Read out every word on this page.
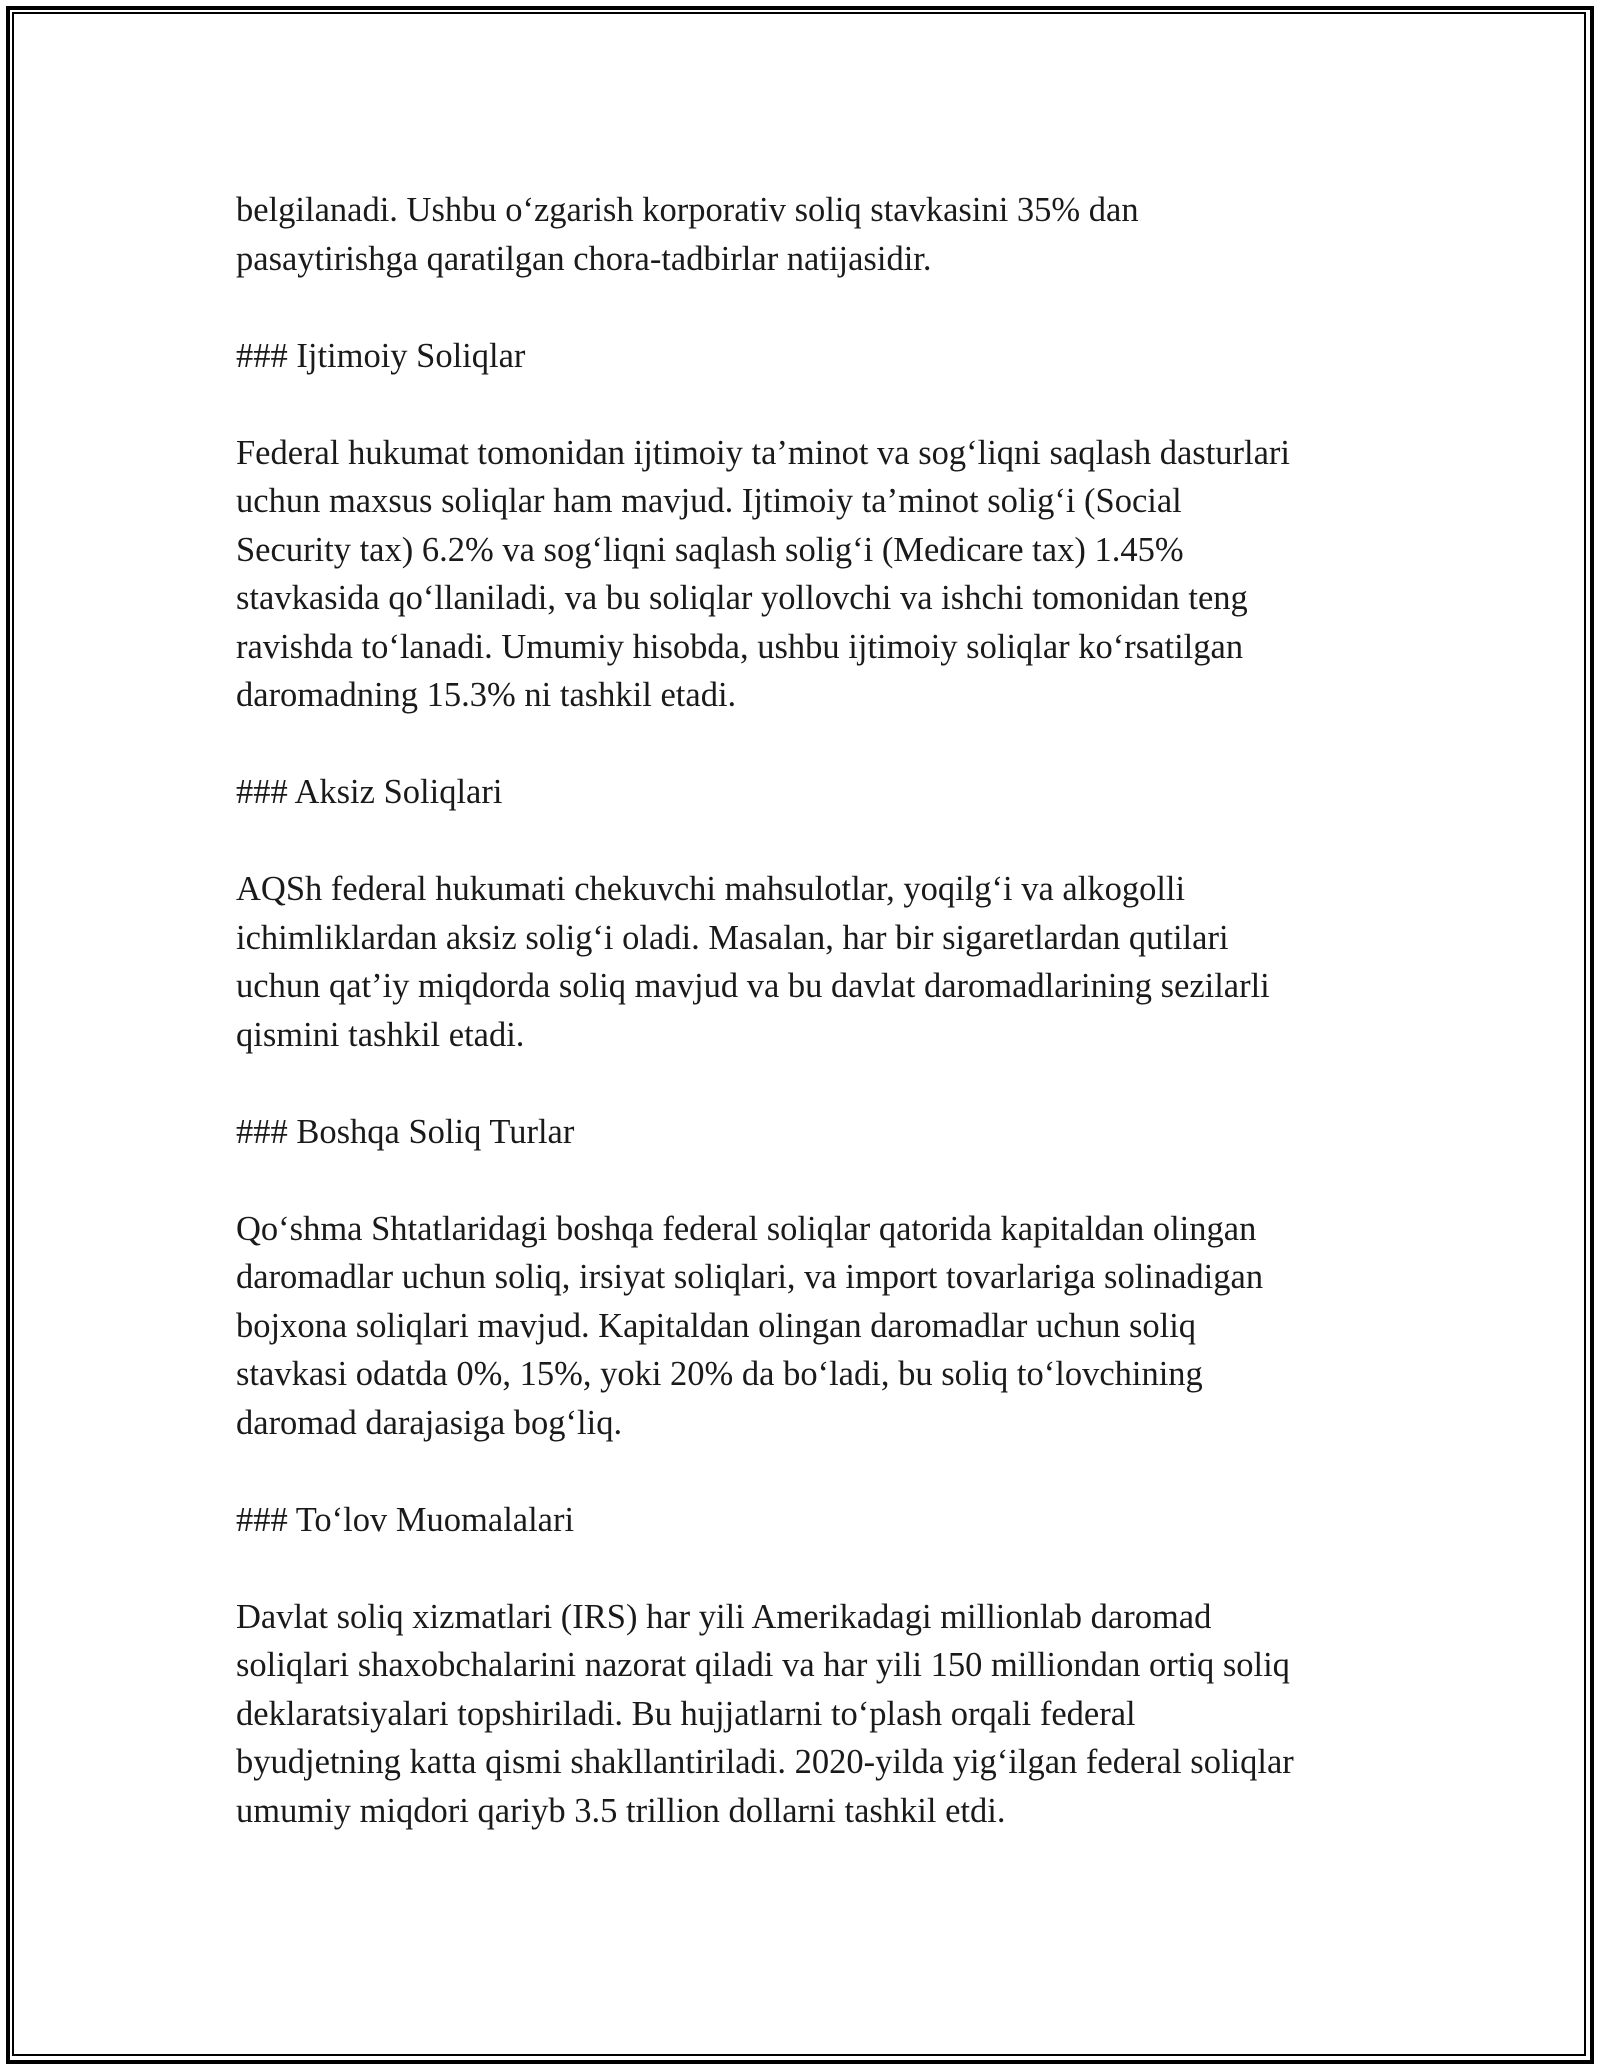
belgilanadi. Ushbu o‘zgarish korporativ soliq stavkasini 35% dan
pasaytirishga qaratilgan chora-tadbirlar natijasidir.

### Ijtimoiy Soliqlar

Federal hukumat tomonidan ijtimoiy ta’minot va sog‘liqni saqlash dasturlari
uchun maxsus soliqlar ham mavjud. Ijtimoiy ta’minot solig‘i (Social
Security tax) 6.2% va sog‘liqni saqlash solig‘i (Medicare tax) 1.45%
stavkasida qo‘llaniladi, va bu soliqlar yollovchi va ishchi tomonidan teng
ravishda to‘lanadi. Umumiy hisobda, ushbu ijtimoiy soliqlar ko‘rsatilgan
daromadning 15.3% ni tashkil etadi.

### Aksiz Soliqlari

AQSh federal hukumati chekuvchi mahsulotlar, yoqilg‘i va alkogolli
ichimliklardan aksiz solig‘i oladi. Masalan, har bir sigaretlardan qutilari
uchun qat’iy miqdorda soliq mavjud va bu davlat daromadlarining sezilarli
qismini tashkil etadi.

### Boshqa Soliq Turlar

Qo‘shma Shtatlaridagi boshqa federal soliqlar qatorida kapitaldan olingan
daromadlar uchun soliq, irsiyat soliqlari, va import tovarlariga solinadigan
bojxona soliqlari mavjud. Kapitaldan olingan daromadlar uchun soliq
stavkasi odatda 0%, 15%, yoki 20% da bo‘ladi, bu soliq to‘lovchining
daromad darajasiga bog‘liq.

### To‘lov Muomalalari

Davlat soliq xizmatlari (IRS) har yili Amerikadagi millionlab daromad
soliqlari shaxobchalarini nazorat qiladi va har yili 150 milliondan ortiq soliq
deklaratsiyalari topshiriladi. Bu hujjatlarni to‘plash orqali federal
byudjetning katta qismi shakllantiriladi. 2020-yilda yig‘ilgan federal soliqlar
umumiy miqdori qariyb 3.5 trillion dollarni tashkil etdi.
